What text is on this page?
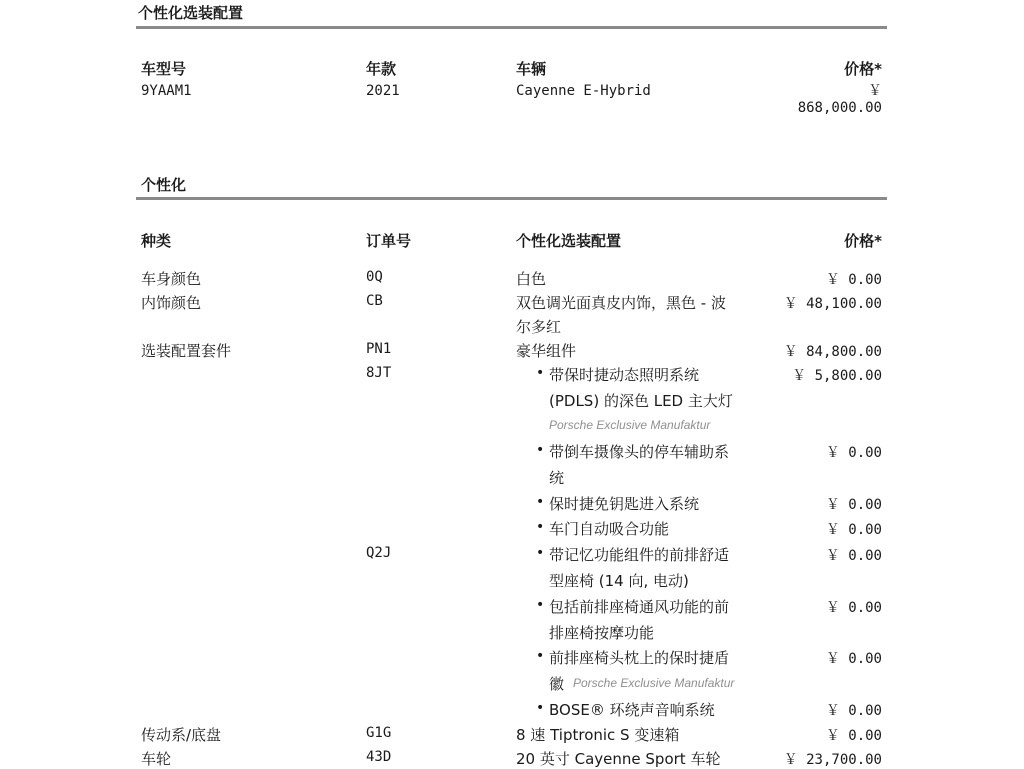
个性化选装配置
车型号	年款	车辆	价格*
9YAAM1	2021	Cayenne E-Hybrid	￥
868,000.00
个性化
种类	订单号	个性化选装配置	价格*
车身颜色	0Q	白色	￥ 0.00
内饰颜色	CB	双色调光面真皮内饰，黑色 - 波
尔多红
￥ 48,100.00
选装配置套件	PN1	豪华组件	￥ 84,800.00
8JT	• 带保时捷动态照明系统
(PDLS) 的深色 LED 主大灯
Porsche Exclusive Manufaktur
￥ 5,800.00
• 带倒车摄像头的停车辅助系
统
￥ 0.00
• 保时捷免钥匙进入系统	￥ 0.00
• 车门自动吸合功能	￥ 0.00
Q2J	• 带记忆功能组件的前排舒适
型座椅 (14 向, 电动)
￥ 0.00
• 包括前排座椅通风功能的前
排座椅按摩功能
￥ 0.00
• 前排座椅头枕上的保时捷盾
徽 Porsche Exclusive Manufaktur
￥ 0.00
• BOSE® 环绕声音响系统	￥ 0.00
传动系/底盘	G1G	8 速 Tiptronic S 变速箱	￥ 0.00
车轮	43D	20 英寸 Cayenne Sport 车轮	￥ 23,700.00
